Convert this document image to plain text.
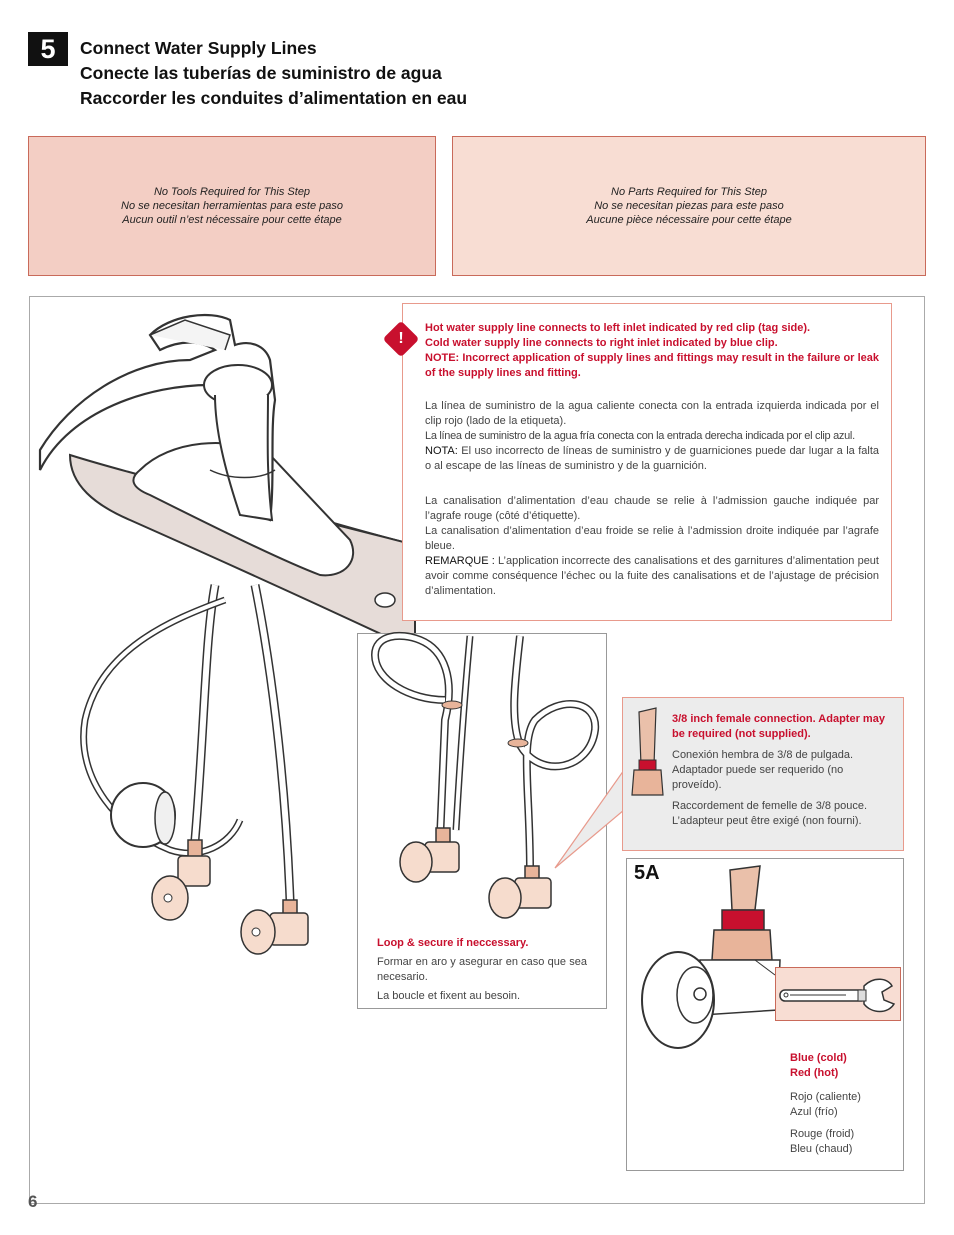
5	Connect Water Supply Lines
Conecte las tuberías de suministro de agua
Raccorder les conduites d’alimentation en eau
No Tools Required for This Step
No se necesitan herramientas para este paso
Aucun outil n’est nécessaire pour cette étape
No Parts Required for This Step
No se necesitan piezas para este paso
Aucune pièce nécessaire pour cette étape
!
Hot water supply line connects to left inlet indicated by red clip (tag side).
Cold water supply line connects to right inlet indicated by blue clip.
NOTE: Incorrect application of supply lines and fittings may result in the failure or leak of the supply lines and fitting.
La línea de suministro de la agua caliente conecta con la entrada izquierda indicada por el clip rojo (lado de la etiqueta).
La línea de suministro de la agua fría conecta con la entrada derecha indicada por el clip azul.
NOTA: El uso incorrecto de líneas de suministro y de guarniciones puede dar lugar a la falta o al escape de las líneas de suministro y de la guarnición.
La canalisation d’alimentation d’eau chaude se relie à l’admission gauche indiquée par l’agrafe rouge (côté d’étiquette).
La canalisation d’alimentation d’eau froide se relie à l’admission droite indiquée par l’agrafe bleue.
REMARQUE : L’application incorrecte des canalisations et des garnitures d’alimentation peut avoir comme conséquence l’échec ou la fuite des canalisations et de l’ajustage de précision d’alimentation.
Loop & secure if neccessary.
Formar en aro y asegurar en caso que sea necesario.
La boucle et fixent au besoin.
3/8 inch female connection. Adapter may be required (not supplied).
Conexión hembra de 3/8 de pulgada. Adaptador puede ser requerido (no proveído).
Raccordement de femelle de 3/8 pouce. L’adapteur peut être exigé (non fourni).
5A
Blue (cold)
Red (hot)
Rojo (caliente)
Azul (frío)
Rouge (froid)
Bleu (chaud)
6
